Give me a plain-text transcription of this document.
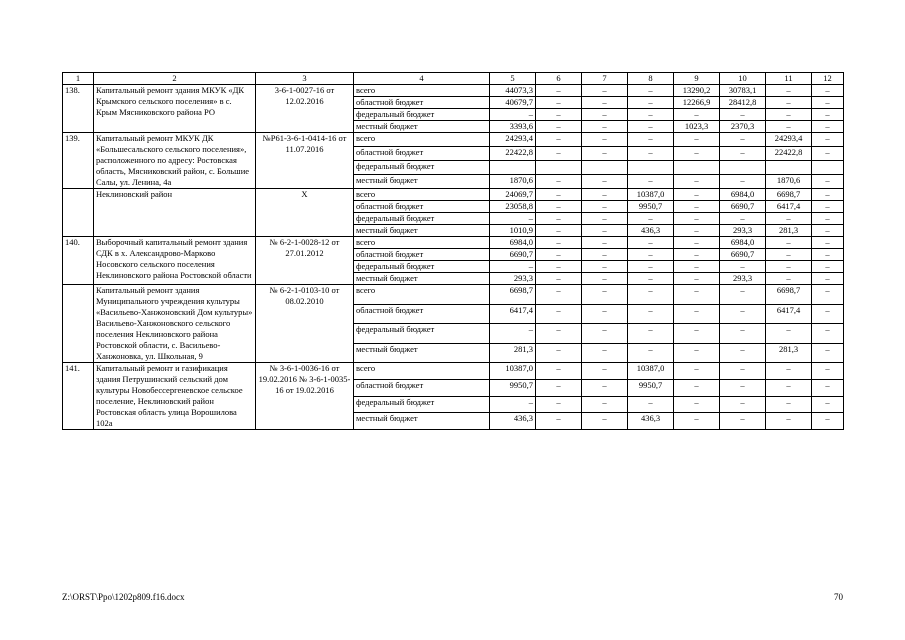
1	2	3	4	5	6	7	8	9	10	11	12
138.	Капитальный ремонт здания МКУК «ДК Крымского сельского поселения» в с. Крым Мясниковского района РО	3-6-1-0027-16 от 12.02.2016	всего	44073,3	–	–	–	13290,2	30783,1	–	–
			областной бюджет	40679,7	–	–	–	12266,9	28412,8	–	–
			федеральный бюджет	–	–	–	–	–	–	–	–
			местный бюджет	3393,6	–	–	–	1023,3	2370,3	–	–
139.	Капитальный ремонт МКУК ДК «Большесальского сельского поселения», расположенного по адресу: Ростовская область, Мясниковский район, с. Большие Салы, ул. Ленина, 4а	№Р61-3-6-1-0414-16 от 11.07.2016	всего	24293,4	–	–	–	–	–	24293,4	–
			областной бюджет	22422,8	–	–	–	–	–	22422,8	–
			федеральный бюджет								
			местный бюджет	1870,6	–	–	–	–	–	1870,6	–
	Неклиновский район	X	всего	24069,7	–	–	10387,0	–	6984,0	6698,7	–
			областной бюджет	23058,8	–	–	9950,7	–	6690,7	6417,4	–
			федеральный бюджет	–	–	–	–	–	–	–	–
			местный бюджет	1010,9	–	–	436,3	–	293,3	281,3	–
140.	Выборочный капитальный ремонт здания СДК в х. Александрово-Марково Носовского сельского поселения Неклиновского района Ростовской области	№ 6-2-1-0028-12 от 27.01.2012	всего	6984,0	–	–	–	–	6984,0	–	–
			областной бюджет	6690,7	–	–	–	–	6690,7	–	–
			федеральный бюджет	–	–	–	–	–	–	–	–
			местный бюджет	293,3	–	–	–	–	293,3	–	–
	Капитальный ремонт здания Муниципального учреждения культуры «Васильево-Ханжоновский Дом культуры» Васильево-Ханжоновского сельского поселения Неклиновского района Ростовской области, с. Васильево-Ханжоновка, ул. Школьная, 9	№ 6-2-1-0103-10 от 08.02.2010	всего	6698,7	–	–	–	–	–	6698,7	–
			областной бюджет	6417,4	–	–	–	–	–	6417,4	–
			федеральный бюджет	–	–	–	–	–	–	–	–
			местный бюджет	281,3	–	–	–	–	–	281,3	–
141.	Капитальный ремонт и газификация здания Петрушинский сельский дом культуры Новобессергеневское сельское поселение, Неклиновский район Ростовская область улица Ворошилова 102а	№ 3-6-1-0036-16 от 19.02.2016 № 3-6-1-0035-16 от 19.02.2016	всего	10387,0	–	–	10387,0	–	–	–	–
			областной бюджет	9950,7	–	–	9950,7	–	–	–	–
			федеральный бюджет	–	–	–	–	–	–	–	–
			местный бюджет	436,3	–	–	436,3	–	–	–	–
Z:\ORST\Ppo\1202p809.f16.docx	70
